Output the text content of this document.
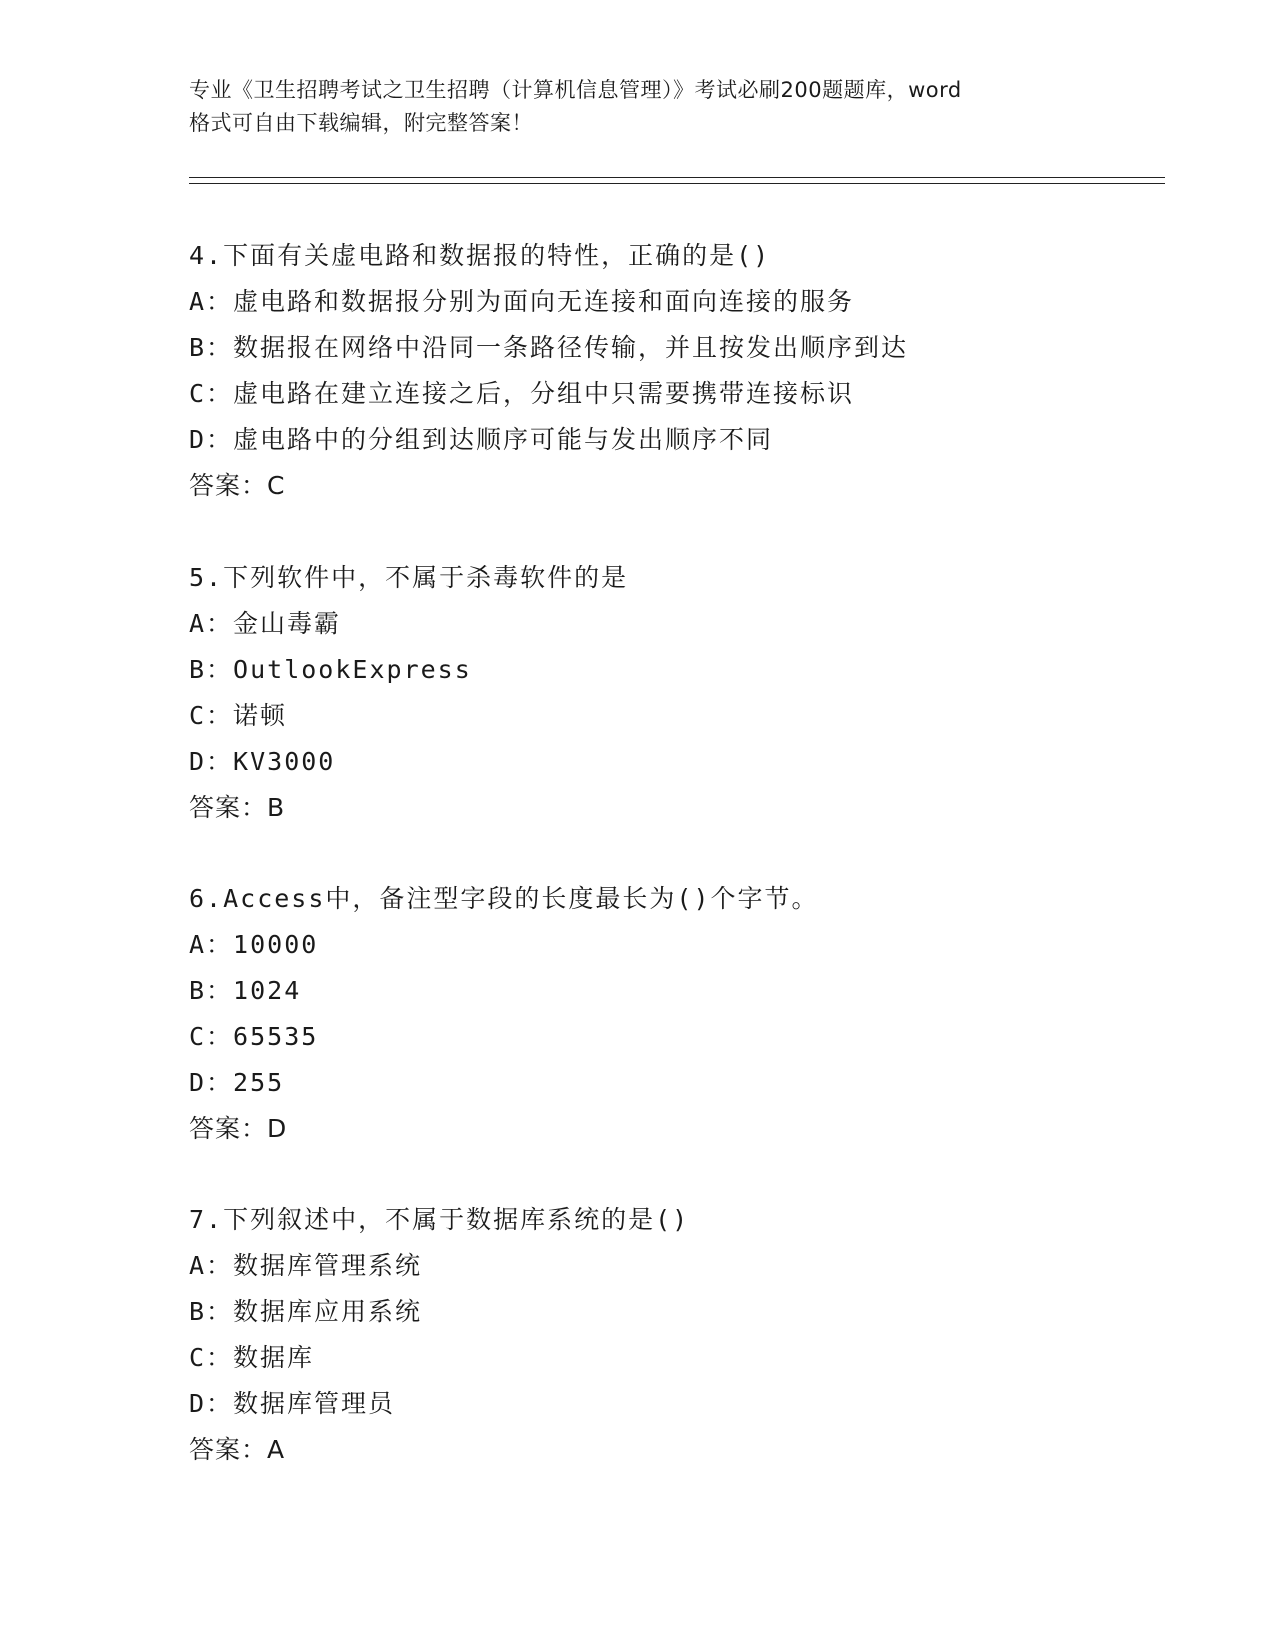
专业《卫生招聘考试之卫生招聘（计算机信息管理）》考试必刷200题题库，word
格式可自由下载编辑，附完整答案！
4.下面有关虚电路和数据报的特性，正确的是()
A：虚电路和数据报分别为面向无连接和面向连接的服务
B：数据报在网络中沿同一条路径传输，并且按发出顺序到达
C：虚电路在建立连接之后，分组中只需要携带连接标识
D：虚电路中的分组到达顺序可能与发出顺序不同
答案：C
5.下列软件中，不属于杀毒软件的是
A：金山毒霸
B：OutlookExpress
C：诺顿
D：KV3000
答案：B
6.Access中，备注型字段的长度最长为()个字节。
A：10000
B：1024
C：65535
D：255
答案：D
7.下列叙述中，不属于数据库系统的是()
A：数据库管理系统
B：数据库应用系统
C：数据库
D：数据库管理员
答案：A
